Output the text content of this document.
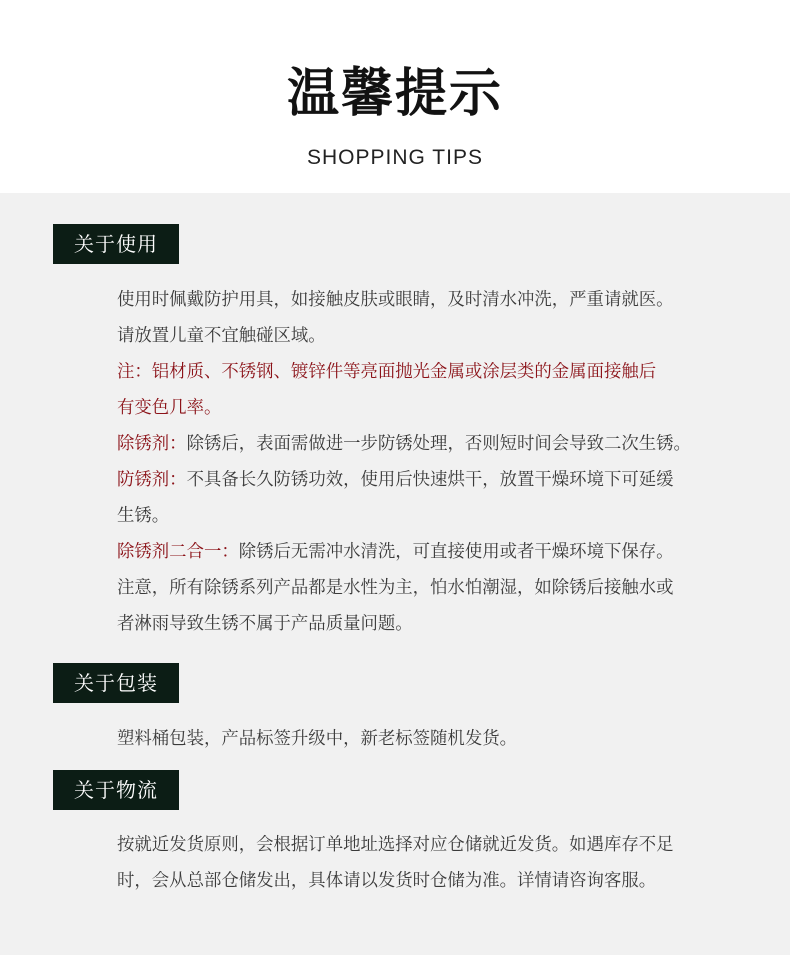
温馨提示
SHOPPING TIPS
关于使用
使用时佩戴防护用具，如接触皮肤或眼睛，及时清水冲洗，严重请就医。
请放置儿童不宜触碰区域。
注：铝材质、不锈钢、镀锌件等亮面抛光金属或涂层类的金属面接触后
有变色几率。
除锈剂：除锈后，表面需做进一步防锈处理，否则短时间会导致二次生锈。
防锈剂：不具备长久防锈功效，使用后快速烘干，放置干燥环境下可延缓
生锈。
除锈剂二合一：除锈后无需冲水清洗，可直接使用或者干燥环境下保存。
注意，所有除锈系列产品都是水性为主，怕水怕潮湿，如除锈后接触水或
者淋雨导致生锈不属于产品质量问题。
关于包装
塑料桶包装，产品标签升级中，新老标签随机发货。
关于物流
按就近发货原则，会根据订单地址选择对应仓储就近发货。如遇库存不足
时，会从总部仓储发出，具体请以发货时仓储为准。详情请咨询客服。
